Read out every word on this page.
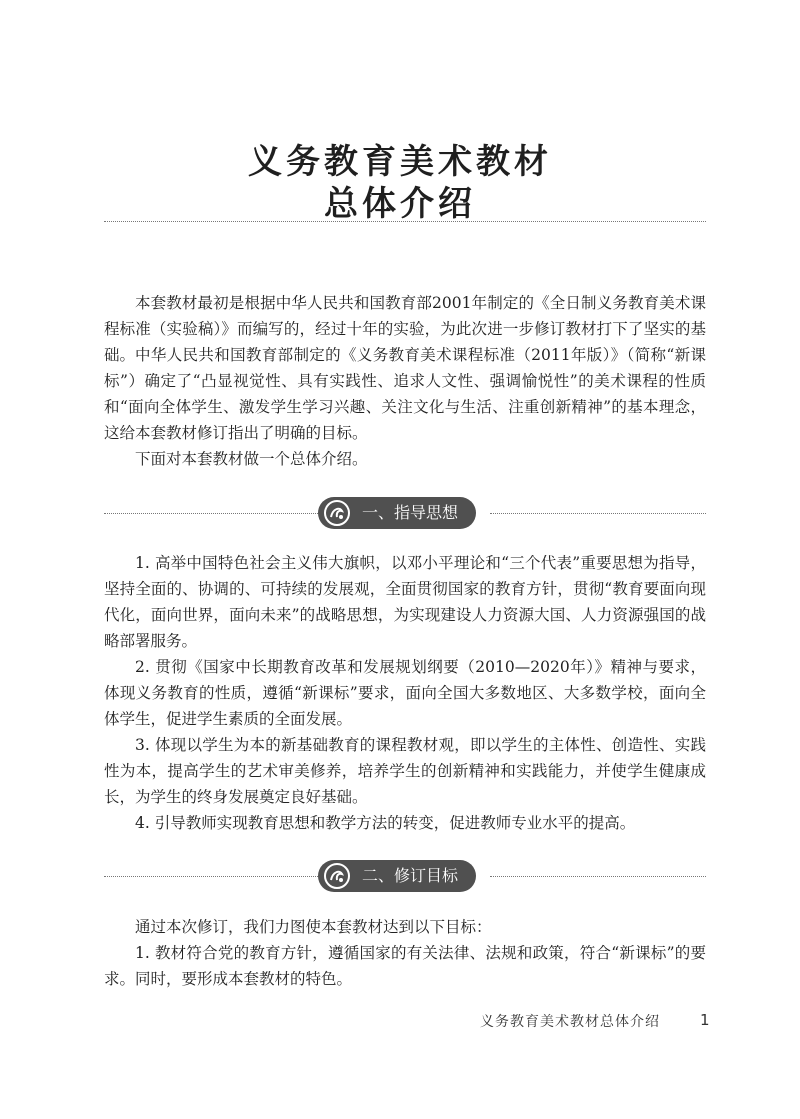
义务教育美术教材
总体介绍

本套教材最初是根据中华人民共和国教育部2001年制定的《全日制义务教育美术课程标准（实验稿）》而编写的，经过十年的实验，为此次进一步修订教材打下了坚实的基础。 中华人民共和国教育部制定的《义务教育美术课程标准（2011年版）》（简称“新课标”）确定了“凸显视觉性、具有实践性、追求人文性、强调愉悦性”的美术课程的性质和“面向全体学生、激发学生学习兴趣、关注文化与生活、注重创新精神”的基本理念，这给本套教材修订指出了明确的目标。

下面对本套教材做一个总体介绍。

一、指导思想

1. 高举中国特色社会主义伟大旗帜，以邓小平理论和“三个代表”重要思想为指导，坚持全面的、协调的、可持续的发展观，全面贯彻国家的教育方针，贯彻“教育要面向现代化，面向世界，面向未来”的战略思想，为实现建设人力资源大国、人力资源强国的战略部署服务。

2. 贯彻《国家中长期教育改革和发展规划纲要（2010—2020年）》精神与要求，体现义务教育的性质，遵循“新课标”要求，面向全国大多数地区、大多数学校，面向全体学生，促进学生素质的全面发展。

3. 体现以学生为本的新基础教育的课程教材观，即以学生的主体性、创造性、实践性为本，提高学生的艺术审美修养，培养学生的创新精神和实践能力，并使学生健康成长，为学生的终身发展奠定良好基础。

4. 引导教师实现教育思想和教学方法的转变，促进教师专业水平的提高。

二、修订目标

通过本次修订，我们力图使本套教材达到以下目标：

1. 教材符合党的教育方针，遵循国家的有关法律、法规和政策，符合“新课标”的要求。同时，要形成本套教材的特色。

义务教育美术教材总体介绍	1
